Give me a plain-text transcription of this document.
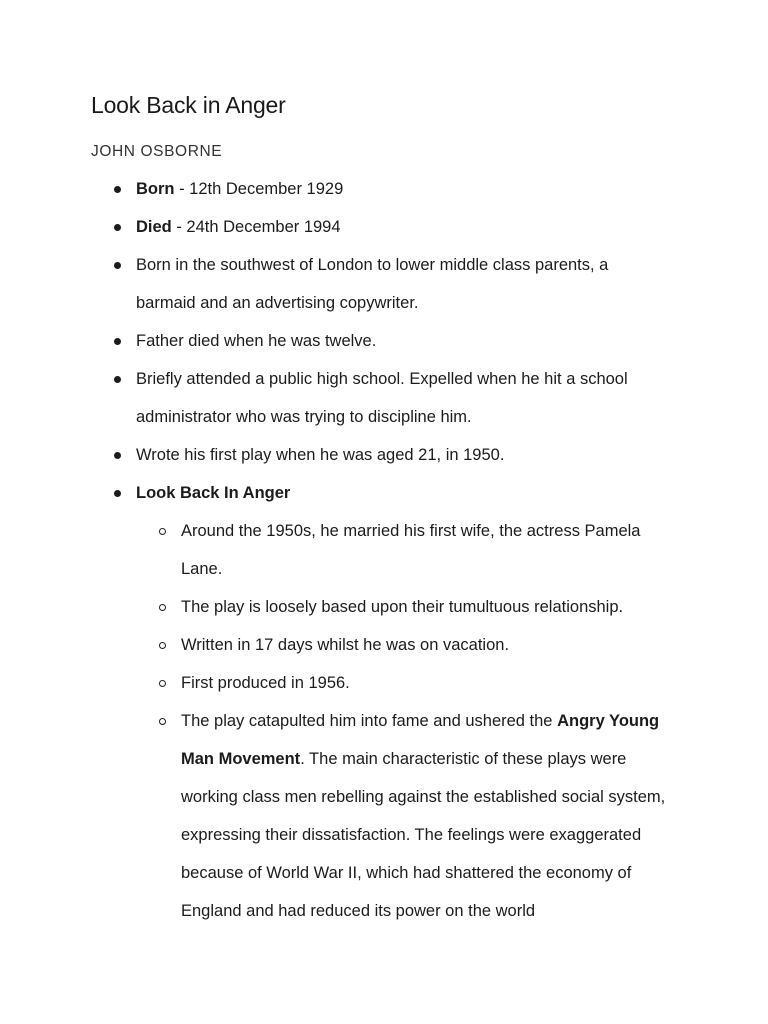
Look Back in Anger
JOHN OSBORNE
Born - 12th December 1929
Died - 24th December 1994
Born in the southwest of London to lower middle class parents, a barmaid and an advertising copywriter.
Father died when he was twelve.
Briefly attended a public high school. Expelled when he hit a school administrator who was trying to discipline him.
Wrote his first play when he was aged 21, in 1950.
Look Back In Anger
Around the 1950s, he married his first wife, the actress Pamela Lane.
The play is loosely based upon their tumultuous relationship.
Written in 17 days whilst he was on vacation.
First produced in 1956.
The play catapulted him into fame and ushered the Angry Young Man Movement. The main characteristic of these plays were working class men rebelling against the established social system, expressing their dissatisfaction. The feelings were exaggerated because of World War II, which had shattered the economy of England and had reduced its power on the world
